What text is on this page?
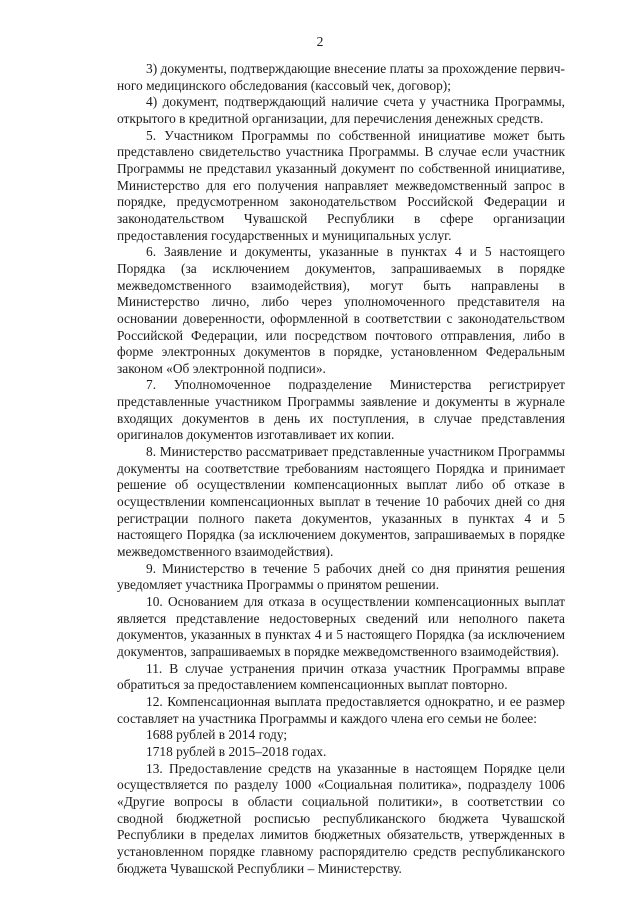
2

3) документы, подтверждающие внесение платы за прохождение первичного медицинского обследования (кассовый чек, договор);

4) документ, подтверждающий наличие счета у участника Программы, открытого в кредитной организации, для перечисления денежных средств.

5. Участником Программы по собственной инициативе может быть представлено свидетельство участника Программы. В случае если участник Программы не представил указанный документ по собственной инициативе, Министерство для его получения направляет межведомственный запрос в порядке, предусмотренном законодательством Российской Федерации и законодательством Чувашской Республики в сфере организации предоставления государственных и муниципальных услуг.

6. Заявление и документы, указанные в пунктах 4 и 5 настоящего Порядка (за исключением документов, запрашиваемых в порядке межведомственного взаимодействия), могут быть направлены в Министерство лично, либо через уполномоченного представителя на основании доверенности, оформленной в соответствии с законодательством Российской Федерации, или посредством почтового отправления, либо в форме электронных документов в порядке, установленном Федеральным законом «Об электронной подписи».

7. Уполномоченное подразделение Министерства регистрирует представленные участником Программы заявление и документы в журнале входящих документов в день их поступления, в случае представления оригиналов документов изготавливает их копии.

8. Министерство рассматривает представленные участником Программы документы на соответствие требованиям настоящего Порядка и принимает решение об осуществлении компенсационных выплат либо об отказе в осуществлении компенсационных выплат в течение 10 рабочих дней со дня регистрации полного пакета документов, указанных в пунктах 4 и 5 настоящего Порядка (за исключением документов, запрашиваемых в порядке межведомственного взаимодействия).

9. Министерство в течение 5 рабочих дней со дня принятия решения уведомляет участника Программы о принятом решении.

10. Основанием для отказа в осуществлении компенсационных выплат является представление недостоверных сведений или неполного пакета документов, указанных в пунктах 4 и 5 настоящего Порядка (за исключением документов, запрашиваемых в порядке межведомственного взаимодействия).

11. В случае устранения причин отказа участник Программы вправе обратиться за предоставлением компенсационных выплат повторно.

12. Компенсационная выплата предоставляется однократно, и ее размер составляет на участника Программы и каждого члена его семьи не более:

1688 рублей в 2014 году;

1718 рублей в 2015–2018 годах.

13. Предоставление средств на указанные в настоящем Порядке цели осуществляется по разделу 1000 «Социальная политика», подразделу 1006 «Другие вопросы в области социальной политики», в соответствии со сводной бюджетной росписью республиканского бюджета Чувашской Республики в пределах лимитов бюджетных обязательств, утвержденных в установленном порядке главному распорядителю средств республиканского бюджета Чувашской Республики – Министерству.
